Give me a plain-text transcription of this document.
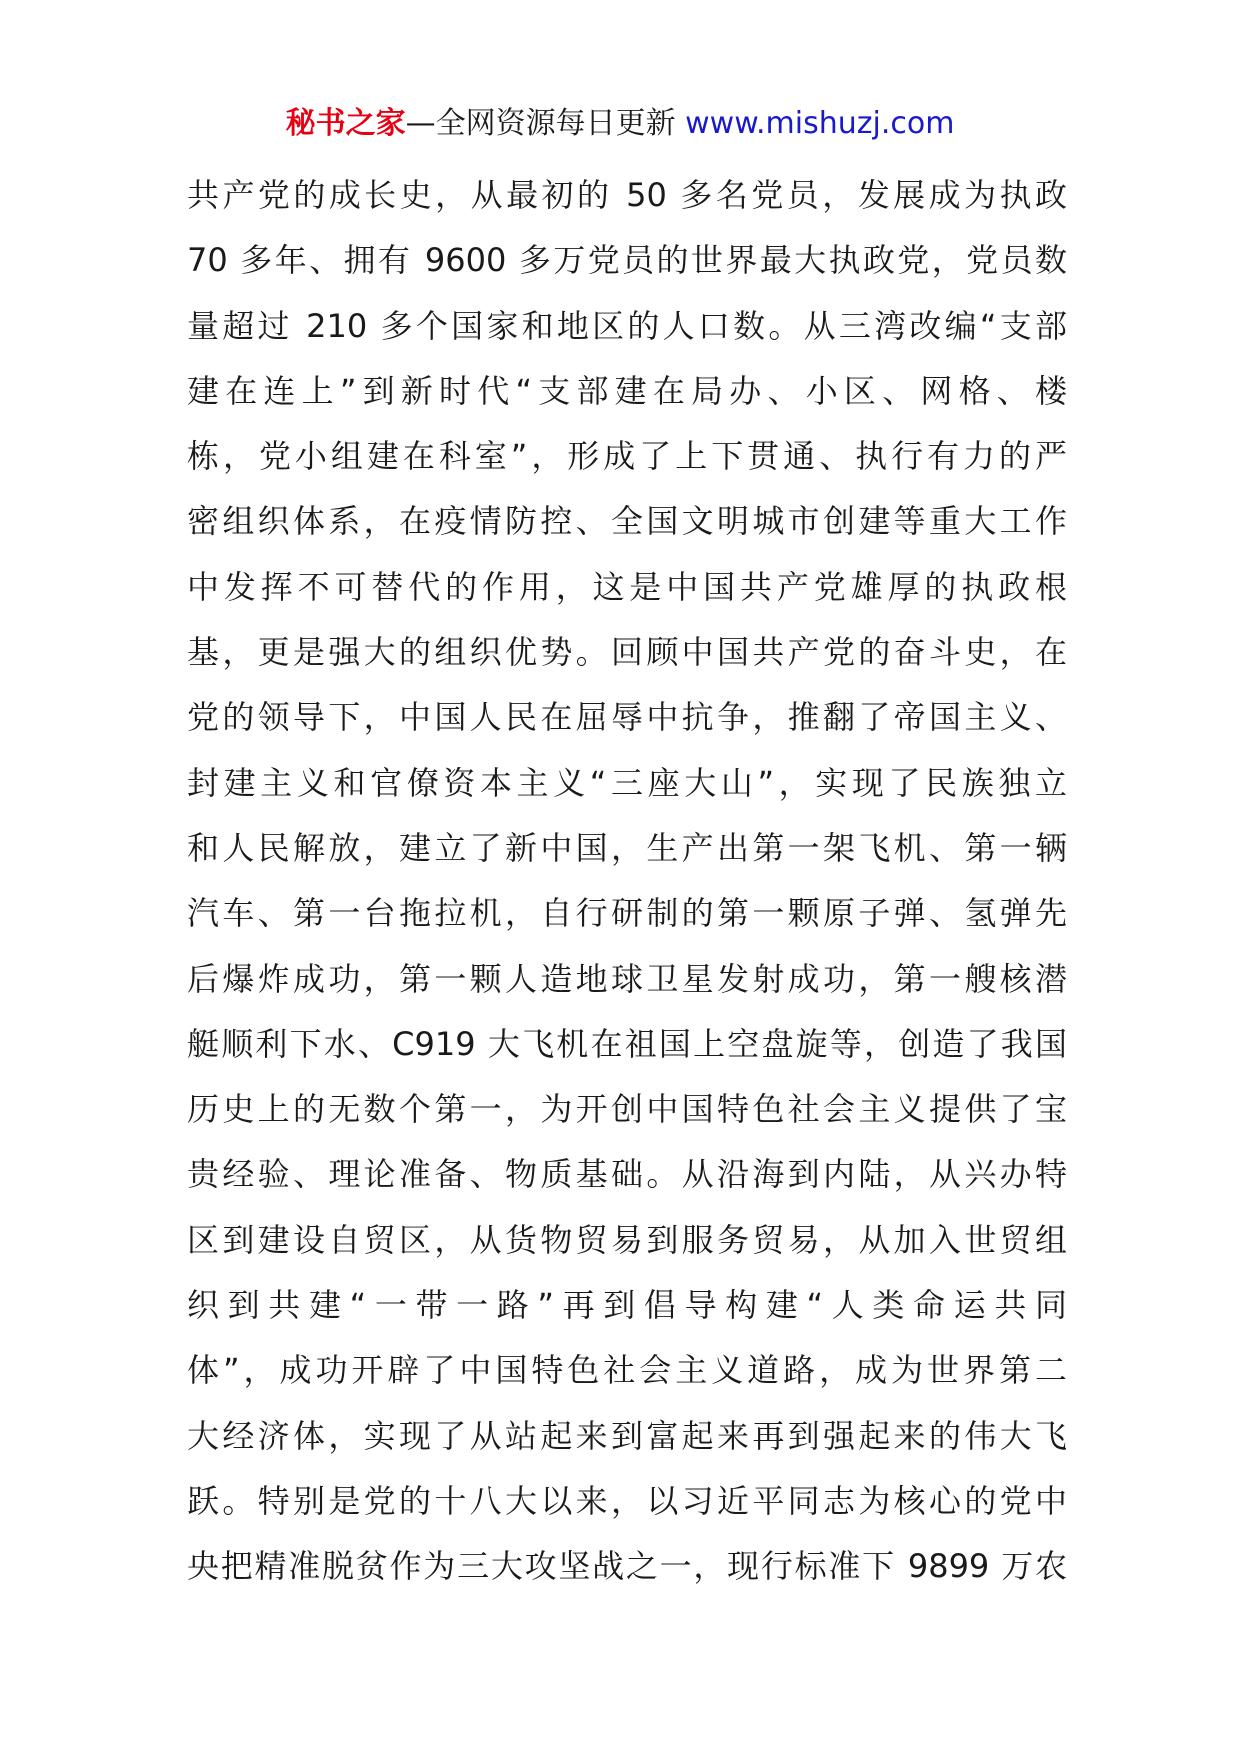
秘书之家—全网资源每日更新 www.mishuzj.com
共产党的成长史，从最初的 50 多名党员，发展成为执政
70 多年、拥有 9600 多万党员的世界最大执政党，党员数
量超过 210 多个国家和地区的人口数。从三湾改编“支部
建在连上”到新时代“支部建在局办、小区、网格、楼
栋，党小组建在科室”，形成了上下贯通、执行有力的严
密组织体系，在疫情防控、全国文明城市创建等重大工作
中发挥不可替代的作用，这是中国共产党雄厚的执政根
基，更是强大的组织优势。回顾中国共产党的奋斗史，在
党的领导下，中国人民在屈辱中抗争，推翻了帝国主义、
封建主义和官僚资本主义“三座大山”，实现了民族独立
和人民解放，建立了新中国，生产出第一架飞机、第一辆
汽车、第一台拖拉机，自行研制的第一颗原子弹、氢弹先
后爆炸成功，第一颗人造地球卫星发射成功，第一艘核潜
艇顺利下水、C919 大飞机在祖国上空盘旋等，创造了我国
历史上的无数个第一，为开创中国特色社会主义提供了宝
贵经验、理论准备、物质基础。从沿海到内陆，从兴办特
区到建设自贸区，从货物贸易到服务贸易，从加入世贸组
织到共建“一带一路”再到倡导构建“人类命运共同
体”，成功开辟了中国特色社会主义道路，成为世界第二
大经济体，实现了从站起来到富起来再到强起来的伟大飞
跃。特别是党的十八大以来，以习近平同志为核心的党中
央把精准脱贫作为三大攻坚战之一，现行标准下 9899 万农
